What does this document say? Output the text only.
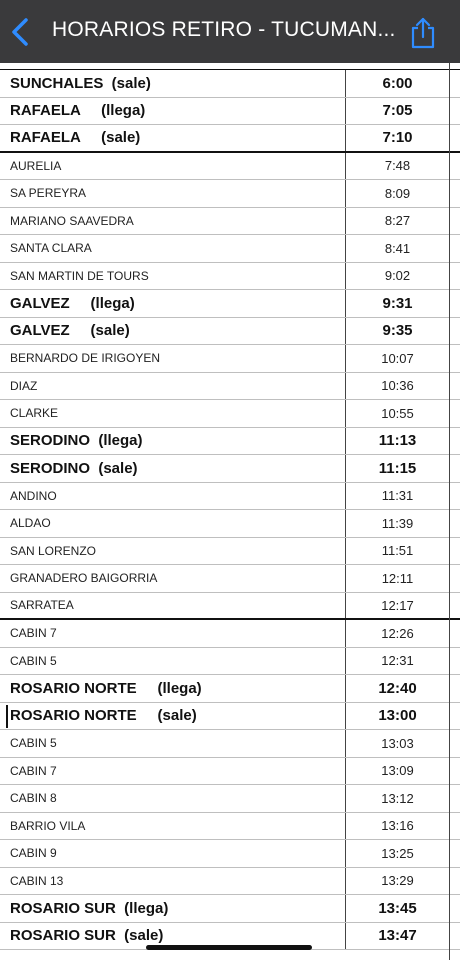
HORARIOS RETIRO - TUCUMAN...
SUNCHALES  (sale)	6:00
RAFAELA     (llega)	7:05
RAFAELA     (sale)	7:10
AURELIA	7:48
SA PEREYRA	8:09
MARIANO SAAVEDRA	8:27
SANTA CLARA	8:41
SAN MARTIN DE TOURS	9:02
GALVEZ     (llega)	9:31
GALVEZ     (sale)	9:35
BERNARDO DE IRIGOYEN	10:07
DIAZ	10:36
CLARKE	10:55
SERODINO  (llega)	11:13
SERODINO  (sale)	11:15
ANDINO	11:31
ALDAO	11:39
SAN LORENZO	11:51
GRANADERO BAIGORRIA	12:11
SARRATEA	12:17
CABIN 7	12:26
CABIN 5	12:31
ROSARIO NORTE     (llega)	12:40
ROSARIO NORTE     (sale)	13:00
CABIN 5	13:03
CABIN 7	13:09
CABIN 8	13:12
BARRIO VILA	13:16
CABIN 9	13:25
CABIN 13	13:29
ROSARIO SUR  (llega)	13:45
ROSARIO SUR  (sale)	13:47
